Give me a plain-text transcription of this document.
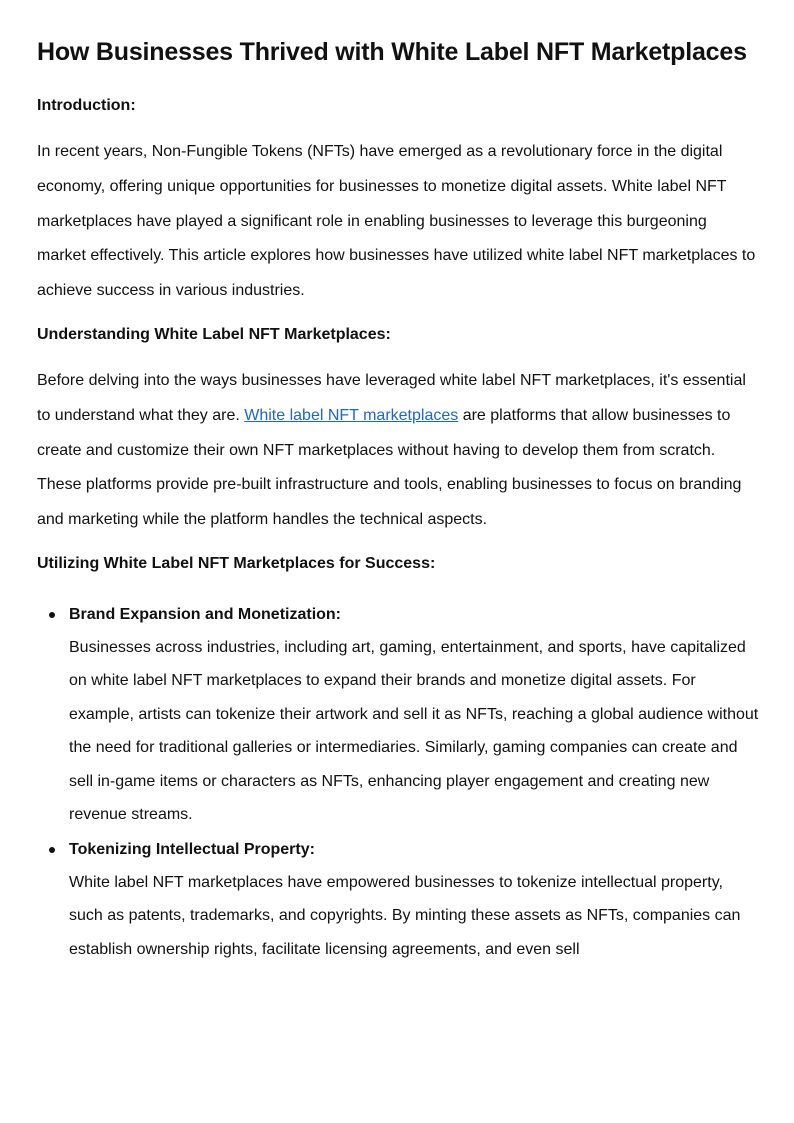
How Businesses Thrived with White Label NFT Marketplaces
Introduction:

In recent years, Non-Fungible Tokens (NFTs) have emerged as a revolutionary force in the digital economy, offering unique opportunities for businesses to monetize digital assets. White label NFT marketplaces have played a significant role in enabling businesses to leverage this burgeoning market effectively. This article explores how businesses have utilized white label NFT marketplaces to achieve success in various industries.

Understanding White Label NFT Marketplaces:

Before delving into the ways businesses have leveraged white label NFT marketplaces, it's essential to understand what they are. White label NFT marketplaces are platforms that allow businesses to create and customize their own NFT marketplaces without having to develop them from scratch. These platforms provide pre-built infrastructure and tools, enabling businesses to focus on branding and marketing while the platform handles the technical aspects.

Utilizing White Label NFT Marketplaces for Success:
Brand Expansion and Monetization:
Businesses across industries, including art, gaming, entertainment, and sports, have capitalized on white label NFT marketplaces to expand their brands and monetize digital assets. For example, artists can tokenize their artwork and sell it as NFTs, reaching a global audience without the need for traditional galleries or intermediaries. Similarly, gaming companies can create and sell in-game items or characters as NFTs, enhancing player engagement and creating new revenue streams.
Tokenizing Intellectual Property:
White label NFT marketplaces have empowered businesses to tokenize intellectual property, such as patents, trademarks, and copyrights. By minting these assets as NFTs, companies can establish ownership rights, facilitate licensing agreements, and even sell
